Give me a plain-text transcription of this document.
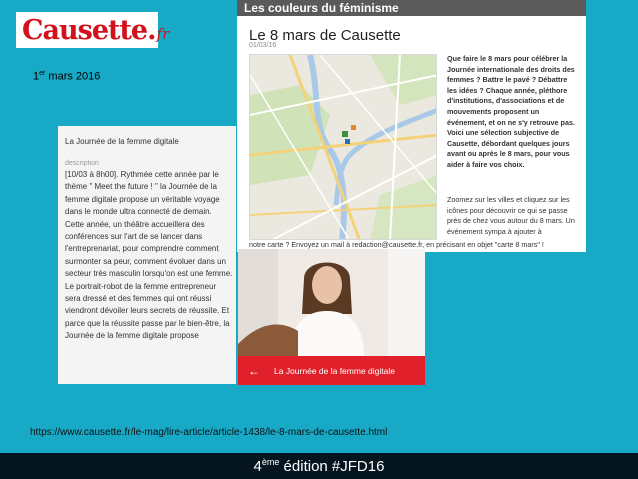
Causette . fr
1er mars 2016
Les couleurs du féminisme
Le 8 mars de Causette
01/03/16
Que faire le 8 mars pour célébrer la Journée internationale des droits des femmes ? Battre le pavé ? Débattre les idées ? Chaque année, pléthore d'institutions, d'associations et de mouvements proposent un événement, et on ne s'y retrouve pas. Voici une sélection subjective de Causette, débordant quelques jours avant ou après le 8 mars, pour vous aider à faire vos choix.
Zoomez sur les villes et cliquez sur les icônes pour découvrir ce qui se passe près de chez vous autour du 8 mars. Un événement sympa à ajouter à
notre carte ? Envoyez un mail à redaction@causette.fr, en précisant en objet "carte 8 mars" !
La Journée de la femme digitale
description
[10/03 à 8h00]. Rythmée cette année par le thème " Meet the future ! " la Journée de la femme digitale propose un véritable voyage dans le monde ultra connecté de demain. Cette année, un théâtre accueillera des conférences sur l'art de se lancer dans l'entreprenariat, pour comprendre comment surmonter sa peur, comment évoluer dans un secteur très masculin lorsqu'on est une femme. Le portrait-robot de la femme entrepreneur sera dressé et des femmes qui ont réussi viendront dévoiler leurs secrets de réussite. Et parce que la réussite passe par le bien-être, la Journée de la femme digitale propose
← La Journée de la femme digitale
https://www.causette.fr/le-mag/lire-article/article-1438/le-8-mars-de-causette.html
4ème édition #JFD16
